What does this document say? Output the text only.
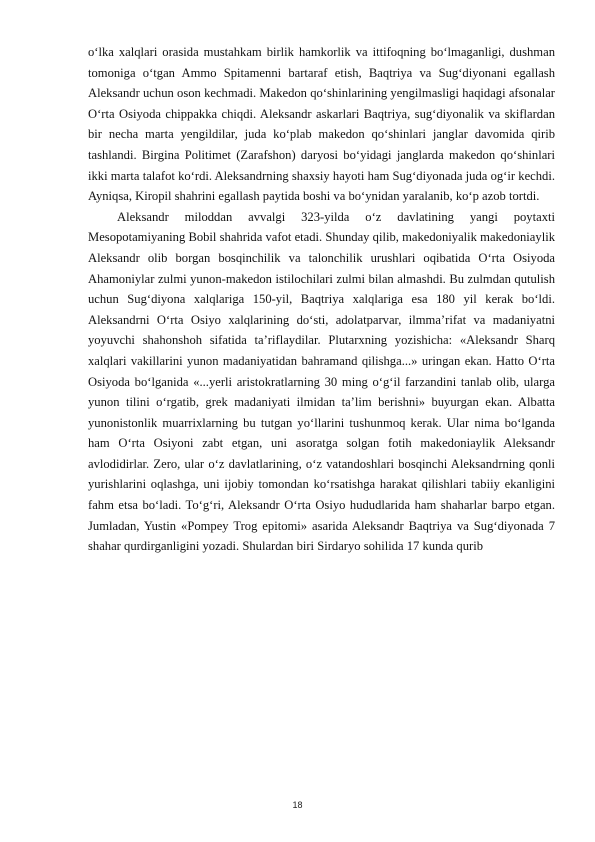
o‘lka xalqlari orasida mustahkam birlik hamkorlik va ittifoqning bo‘lmaganligi, dushman tomoniga o‘tgan Ammo Spitamenni bartaraf etish, Baqtriya va Sug‘diyonani egallash Aleksandr uchun oson kechmadi. Makedon qo‘shinlarining yengilmasligi haqidagi afsonalar O‘rta Osiyoda chippakka chiqdi. Aleksandr askarlari Baqtriya, sug‘diyonalik va skiflardan bir necha marta yengildilar, juda ko‘plab makedon qo‘shinlari janglar davomida qirib tashlandi. Birgina Politimet (Zarafshon) daryosi bo‘yidagi janglarda makedon qo‘shinlari ikki marta talafot ko‘rdi. Aleksandrning shaxsiy hayoti ham Sug‘diyonada juda og‘ir kechdi. Ayniqsa, Kiropil shahrini egallash paytida boshi va bo‘ynidan yaralanib, ko‘p azob tortdi.

Aleksandr miloddan avvalgi 323-yilda o‘z davlatining yangi poytaxti Mesopotamiyaning Bobil shahrida vafot etadi. Shunday qilib, makedoniyalik makedoniaylik Aleksandr olib borgan bosqinchilik va talonchilik urushlari oqibatida O‘rta Osiyoda Ahamoniylar zulmi yunon-makedon istilochilari zulmi bilan almashdi. Bu zulmdan qutulish uchun Sug‘diyona xalqlariga 150-yil, Baqtriya xalqlariga esa 180 yil kerak bo‘ldi. Aleksandrni O‘rta Osiyo xalqlarining do‘sti, adolatparvar, ilmma’rifat va madaniyatni yoyuvchi shahonshoh sifatida ta’riflaydilar. Plutarxning yozishicha: «Aleksandr Sharq xalqlari vakillarini yunon madaniyatidan bahramand qilishga...» uringan ekan. Hatto O‘rta Osiyoda bo‘lganida «...yerli aristokratlarning 30 ming o‘g‘il farzandini tanlab olib, ularga yunon tilini o‘rgatib, grek madaniyati ilmidan ta’lim berishni» buyurgan ekan. Albatta yunonistonlik muarrixlarning bu tutgan yo‘llarini tushunmoq kerak. Ular nima bo‘lganda ham O‘rta Osiyoni zabt etgan, uni asoratga solgan fotih makedoniaylik Aleksandr avlodidirlar. Zero, ular o‘z davlatlarining, o‘z vatandoshlari bosqinchi Aleksandrning qonli yurishlarini oqlashga, uni ijobiy tomondan ko‘rsatishga harakat qilishlari tabiiy ekanligini fahm etsa bo‘ladi. To‘g‘ri, Aleksandr O‘rta Osiyo hududlarida ham shaharlar barpo etgan. Jumladan, Yustin «Pompey Trog epitomi» asarida Aleksandr Baqtriya va Sug‘diyonada 7 shahar qurdirganligini yozadi. Shulardan biri Sirdaryo sohilida 17 kunda qurib

18
